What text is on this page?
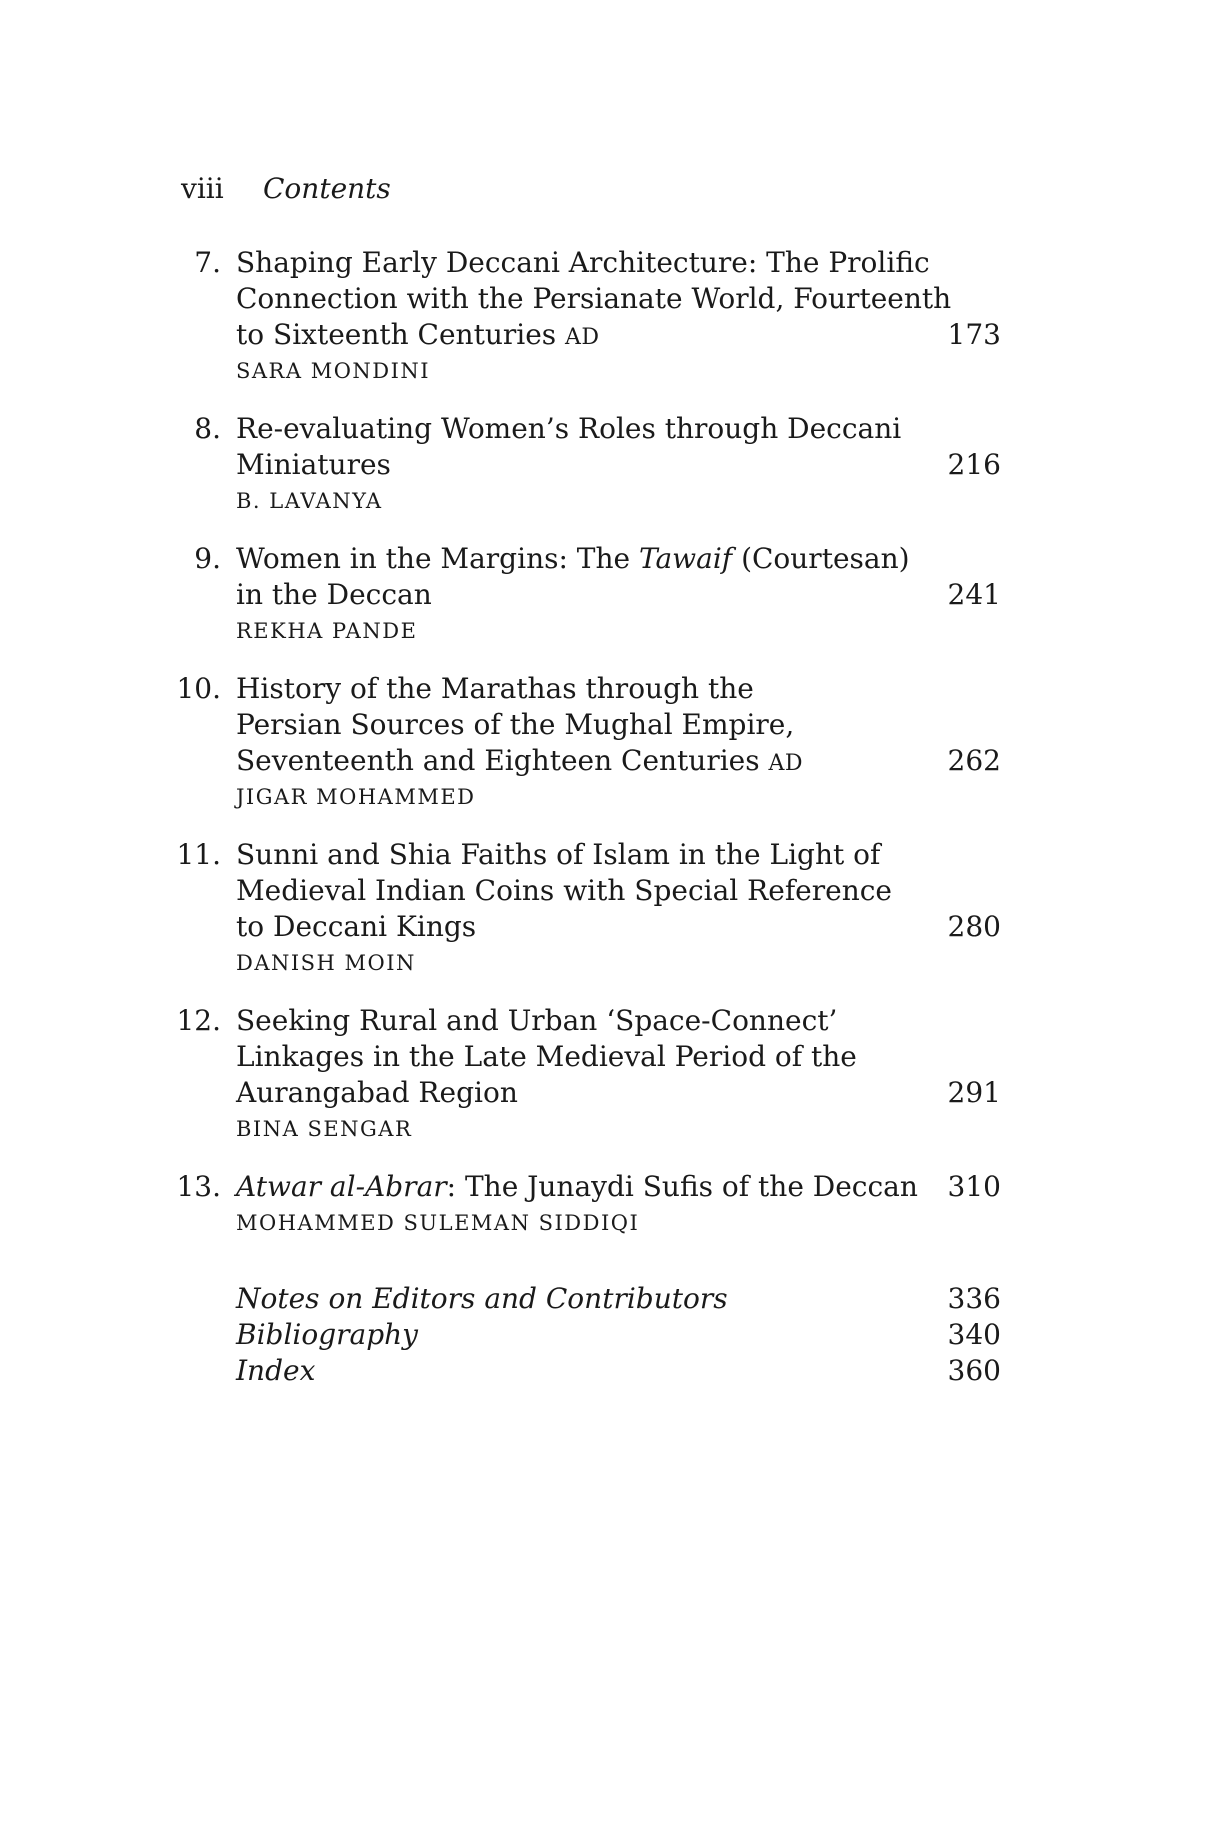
viii Contents
7. Shaping Early Deccani Architecture: The Prolific
Connection with the Persianate World, Fourteenth
to Sixteenth Centuries AD
SARA MONDINI
173
8. Re-evaluating Women’s Roles through Deccani
Miniatures
B. LAVANYA
216
9. Women in the Margins: The Tawaif (Courtesan)
in the Deccan
REKHA PANDE
241
10. History of the Marathas through the
Persian Sources of the Mughal Empire,
Seventeenth and Eighteen Centuries AD
JIGAR MOHAMMED
262
11. Sunni and Shia Faiths of Islam in the Light of
Medieval Indian Coins with Special Reference
to Deccani Kings
DANISH MOIN
280
12. Seeking Rural and Urban ‘Space-Connect’
Linkages in the Late Medieval Period of the
Aurangabad Region
BINA SENGAR
291
13. Atwar al-Abrar: The Junaydi Sufis of the Deccan
MOHAMMED SULEMAN SIDDIQI
310
Notes on Editors and Contributors
Bibliography
Index
336
340
360
